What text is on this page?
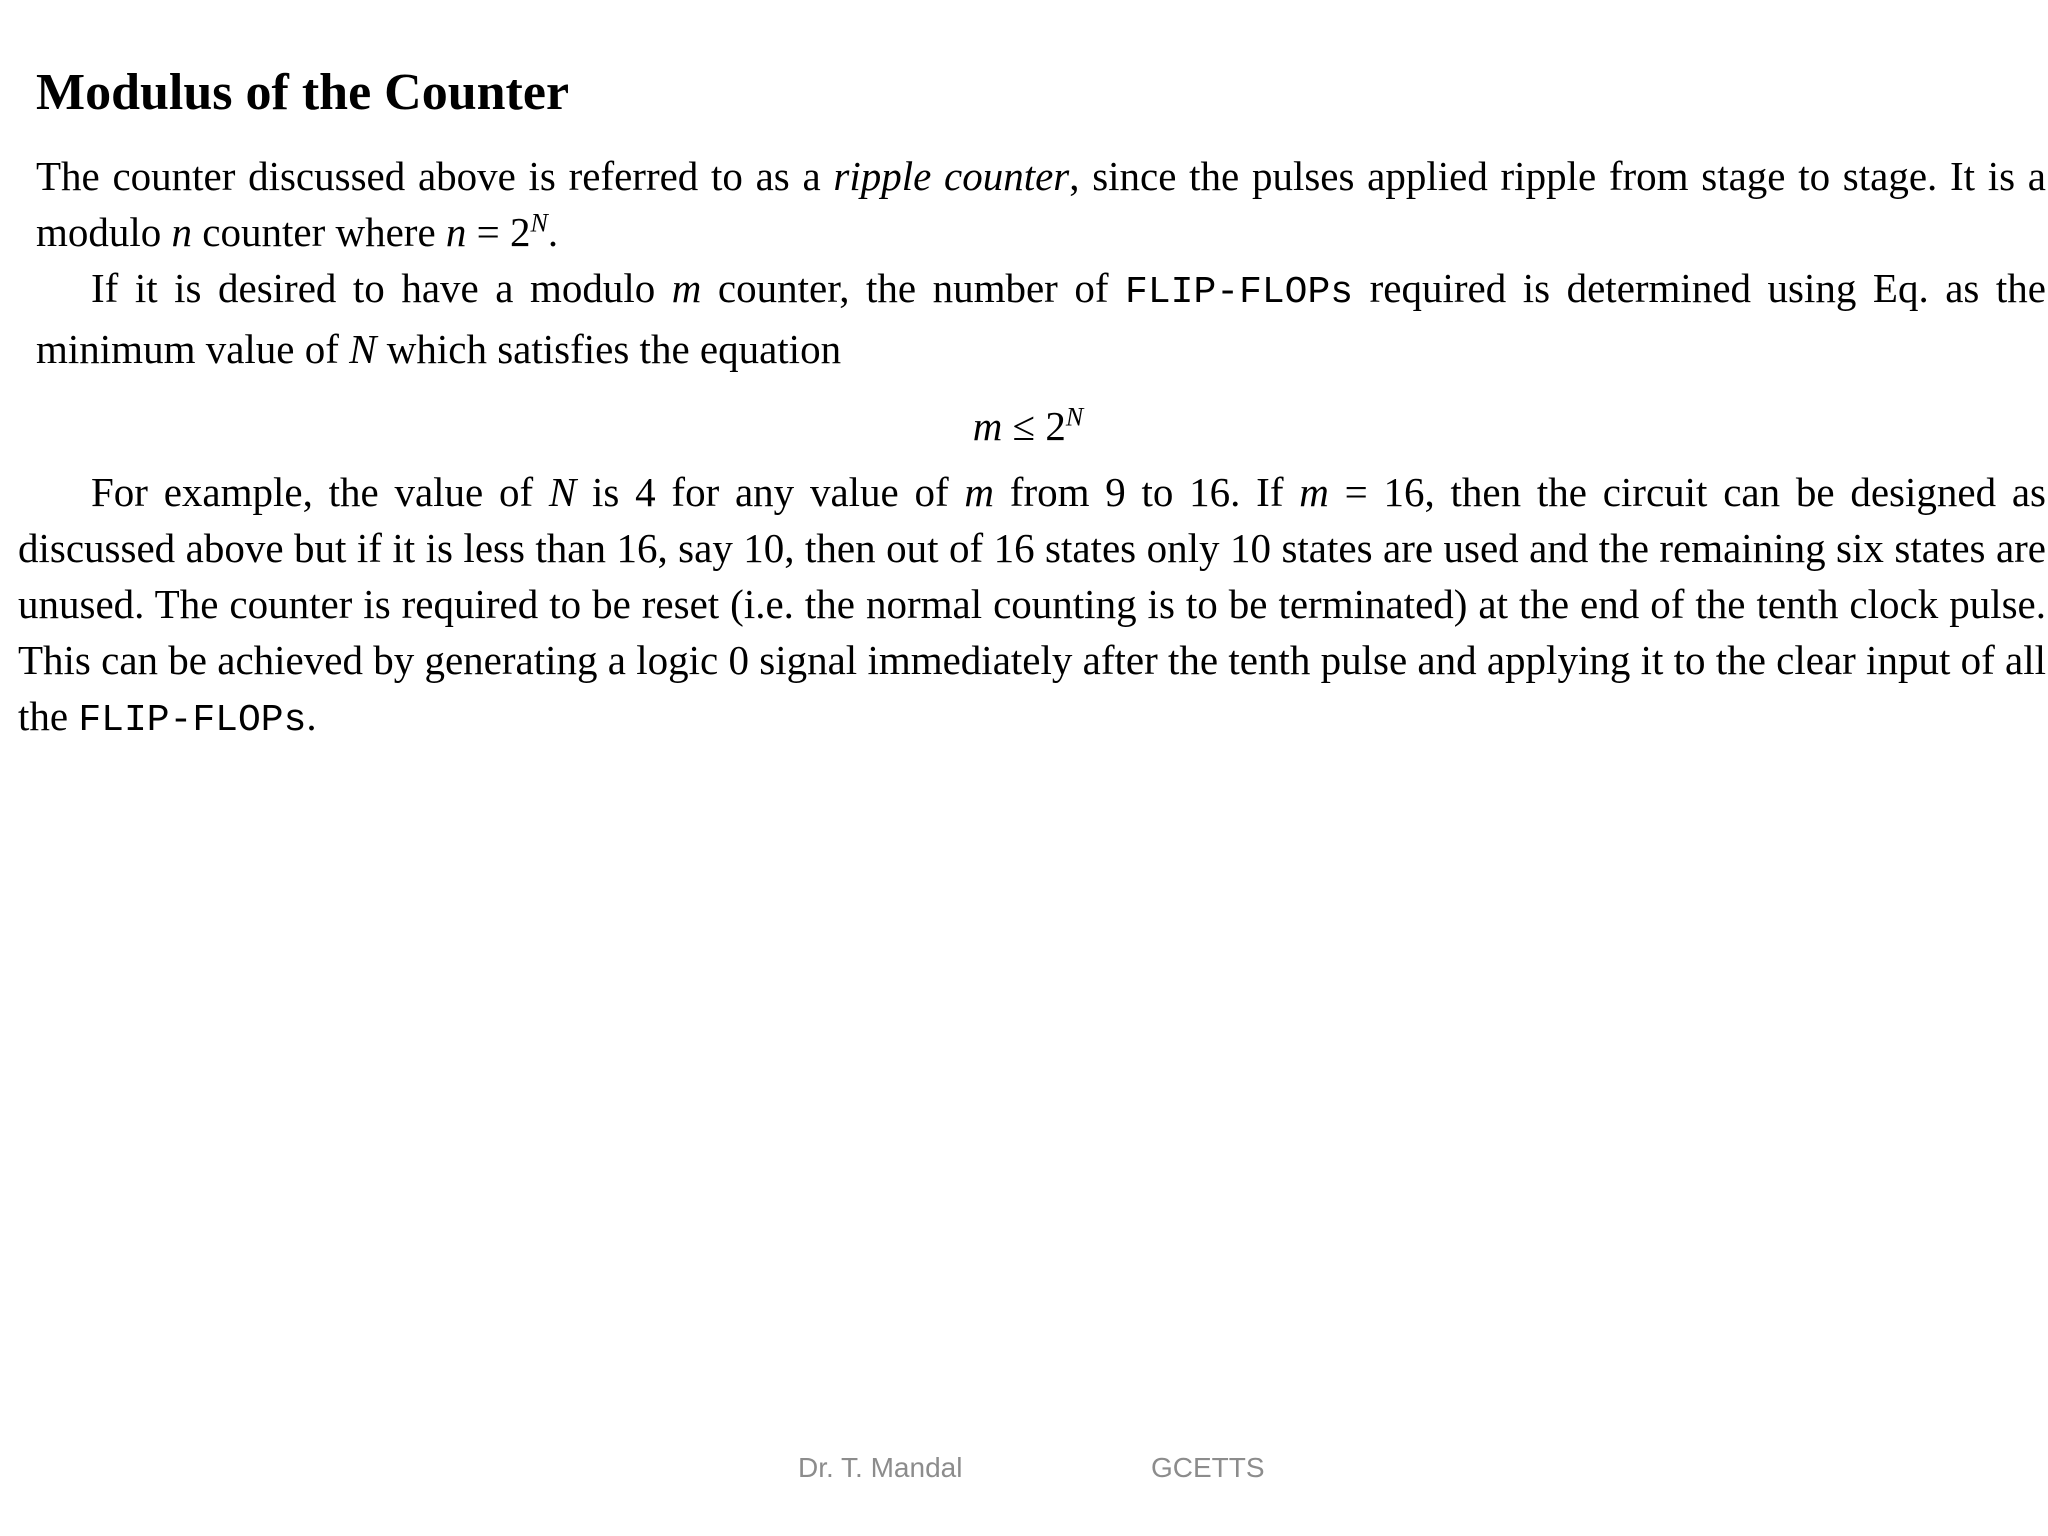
Modulus of the Counter

The counter discussed above is referred to as a ripple counter, since the pulses applied ripple from stage to stage. It is a modulo n counter where $n = 2^N$.

If it is desired to have a modulo m counter, the number of FLIP-FLOPs required is determined using Eq. as the minimum value of N which satisfies the equation

$m \le 2^N$

For example, the value of N is 4 for any value of m from 9 to 16. If m = 16, then the circuit can be designed as discussed above but if it is less than 16, say 10, then out of 16 states only 10 states are used and the remaining six states are unused. The counter is required to be reset (i.e. the normal counting is to be terminated) at the end of the tenth clock pulse. This can be achieved by generating a logic 0 signal immediately after the tenth pulse and applying it to the clear input of all the FLIP-FLOPs.

Dr. T. Mandal	GCETTS
